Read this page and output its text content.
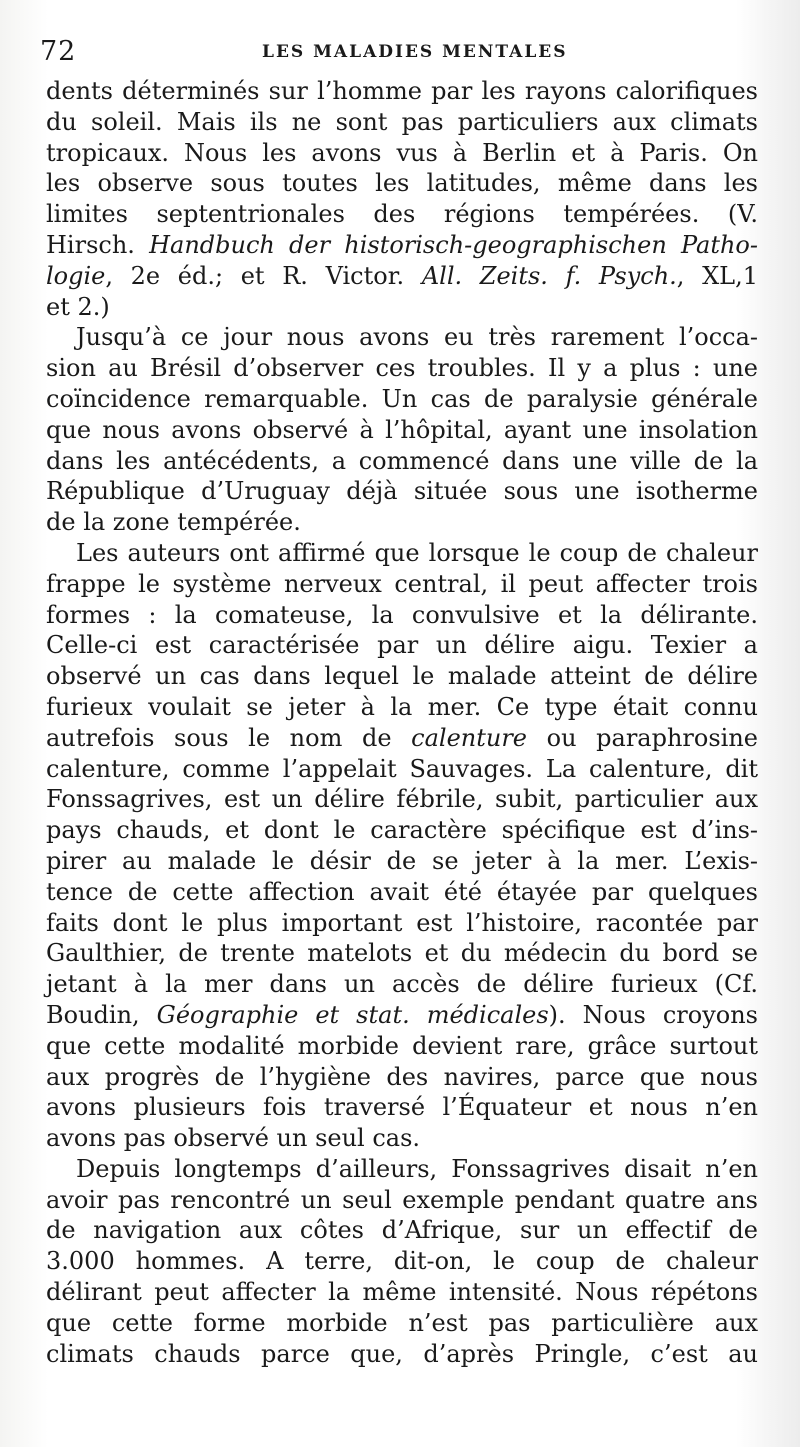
72	LES MALADIES MENTALES
dents déterminés sur l’homme par les rayons calorifiques
du soleil. Mais ils ne sont pas particuliers aux climats
tropicaux. Nous les avons vus à Berlin et à Paris. On
les observe sous toutes les latitudes, même dans les
limites septentrionales des régions tempérées. (V.
Hirsch. Handbuch der historisch-geographischen Patho-
logie, 2e éd.; et R. Victor. All. Zeits. f. Psych., XL,1
et 2.)
Jusqu’à ce jour nous avons eu très rarement l’occa-
sion au Brésil d’observer ces troubles. Il y a plus : une
coïncidence remarquable. Un cas de paralysie générale
que nous avons observé à l’hôpital, ayant une insolation
dans les antécédents, a commencé dans une ville de la
République d’Uruguay déjà située sous une isotherme
de la zone tempérée.
Les auteurs ont affirmé que lorsque le coup de chaleur
frappe le système nerveux central, il peut affecter trois
formes : la comateuse, la convulsive et la délirante.
Celle-ci est caractérisée par un délire aigu. Texier a
observé un cas dans lequel le malade atteint de délire
furieux voulait se jeter à la mer. Ce type était connu
autrefois sous le nom de calenture ou paraphrosine
calenture, comme l’appelait Sauvages. La calenture, dit
Fonssagrives, est un délire fébrile, subit, particulier aux
pays chauds, et dont le caractère spécifique est d’ins-
pirer au malade le désir de se jeter à la mer. L’exis-
tence de cette affection avait été étayée par quelques
faits dont le plus important est l’histoire, racontée par
Gaulthier, de trente matelots et du médecin du bord se
jetant à la mer dans un accès de délire furieux (Cf.
Boudin, Géographie et stat. médicales). Nous croyons
que cette modalité morbide devient rare, grâce surtout
aux progrès de l’hygiène des navires, parce que nous
avons plusieurs fois traversé l’Équateur et nous n’en
avons pas observé un seul cas.
Depuis longtemps d’ailleurs, Fonssagrives disait n’en
avoir pas rencontré un seul exemple pendant quatre ans
de navigation aux côtes d’Afrique, sur un effectif de
3.000 hommes. A terre, dit-on, le coup de chaleur
délirant peut affecter la même intensité. Nous répétons
que cette forme morbide n’est pas particulière aux
climats chauds parce que, d’après Pringle, c’est au
